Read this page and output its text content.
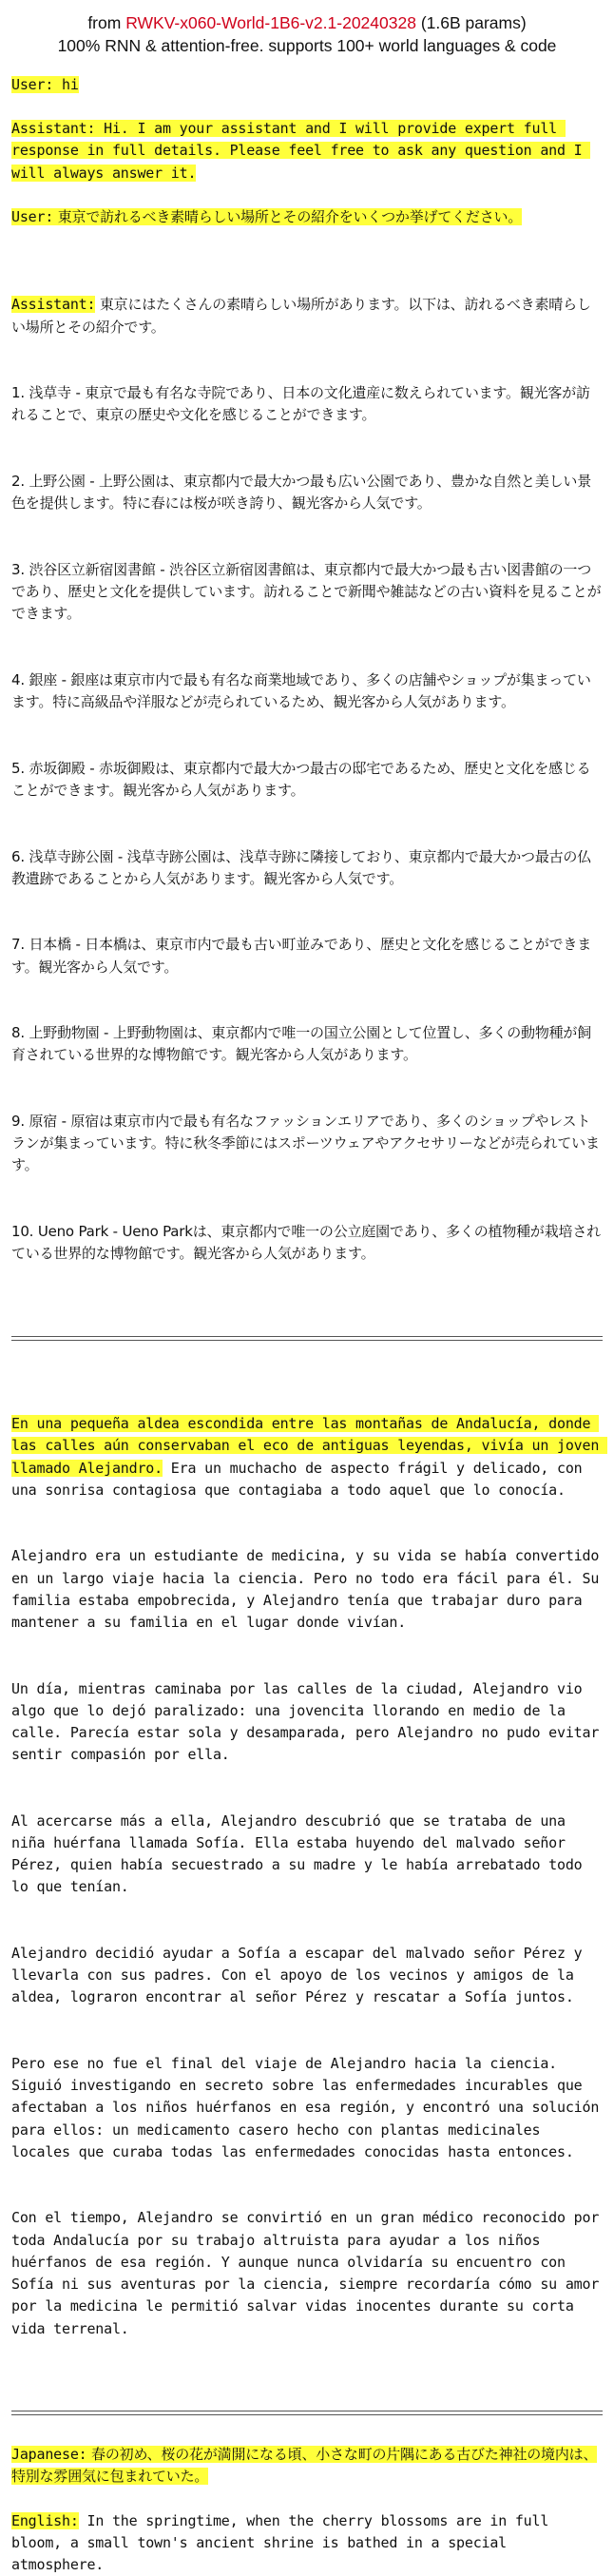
from RWKV-x060-World-1B6-v2.1-20240328 (1.6B params)
100% RNN & attention-free. supports 100+ world languages & code
User: hi
Assistant: Hi. I am your assistant and I will provide expert full response in full details. Please feel free to ask any question and I will always answer it.
User: 東京で訪れるべき素晴らしい場所とその紹介をいくつか挙げてください。

Assistant: 東京にはたくさんの素晴らしい場所があります。以下は、訪れるべき素晴らしい場所とその紹介です。

1. 浅草寺 - 東京で最も有名な寺院であり、日本の文化遺産に数えられています。観光客が訪れることで、東京の歴史や文化を感じることができます。

2. 上野公園 - 上野公園は、東京都内で最大かつ最も広い公園であり、豊かな自然と美しい景色を提供します。特に春には桜が咲き誇り、観光客から人気です。

3. 渋谷区立新宿図書館 - 渋谷区立新宿図書館は、東京都内で最大かつ最も古い図書館の一つであり、歴史と文化を提供しています。訪れることで新聞や雑誌などの古い資料を見ることができます。

4. 銀座 - 銀座は東京市内で最も有名な商業地域であり、多くの店舗やショップが集まっています。特に高級品や洋服などが売られているため、観光客から人気があります。

5. 赤坂御殿 - 赤坂御殿は、東京都内で最大かつ最古の邸宅であるため、歴史と文化を感じることができます。観光客から人気があります。

6. 浅草寺跡公園 - 浅草寺跡公園は、浅草寺跡に隣接しており、東京都内で最大かつ最古の仏教遺跡であることから人気があります。観光客から人気です。

7. 日本橋 - 日本橋は、東京市内で最も古い町並みであり、歴史と文化を感じることができます。観光客から人気です。

8. 上野動物園 - 上野動物園は、東京都内で唯一の国立公園として位置し、多くの動物種が飼育されている世界的な博物館です。観光客から人気があります。

9. 原宿 - 原宿は東京市内で最も有名なファッションエリアであり、多くのショップやレストランが集まっています。特に秋冬季節にはスポーツウェアやアクセサリーなどが売られています。

10. Ueno Park - Ueno Parkは、東京都内で唯一の公立庭園であり、多くの植物種が栽培されている世界的な博物館です。観光客から人気があります。

En una pequeña aldea escondida entre las montañas de Andalucía, donde las calles aún conservaban el eco de antiguas leyendas, vivía un joven llamado Alejandro. Era un muchacho de aspecto frágil y delicado, con una sonrisa contagiosa que contagiaba a todo aquel que lo conocía.

Alejandro era un estudiante de medicina, y su vida se había convertido en un largo viaje hacia la ciencia. Pero no todo era fácil para él. Su familia estaba empobrecida, y Alejandro tenía que trabajar duro para mantener a su familia en el lugar donde vivían.

Un día, mientras caminaba por las calles de la ciudad, Alejandro vio algo que lo dejó paralizado: una jovencita llorando en medio de la calle. Parecía estar sola y desamparada, pero Alejandro no pudo evitar sentir compasión por ella.

Al acercarse más a ella, Alejandro descubrió que se trataba de una niña huérfana llamada Sofía. Ella estaba huyendo del malvado señor Pérez, quien había secuestrado a su madre y le había arrebatado todo lo que tenían.

Alejandro decidió ayudar a Sofía a escapar del malvado señor Pérez y llevarla con sus padres. Con el apoyo de los vecinos y amigos de la aldea, lograron encontrar al señor Pérez y rescatar a Sofía juntos.

Pero ese no fue el final del viaje de Alejandro hacia la ciencia. Siguió investigando en secreto sobre las enfermedades incurables que afectaban a los niños huérfanos en esa región, y encontró una solución para ellos: un medicamento casero hecho con plantas medicinales locales que curaba todas las enfermedades conocidas hasta entonces.

Con el tiempo, Alejandro se convirtió en un gran médico reconocido por toda Andalucía por su trabajo altruista para ayudar a los niños huérfanos de esa región. Y aunque nunca olvidaría su encuentro con Sofía ni sus aventuras por la ciencia, siempre recordaría cómo su amor por la medicina le permitió salvar vidas inocentes durante su corta vida terrenal.

Japanese: 春の初め、桜の花が満開になる頃、小さな町の片隅にある古びた神社の境内は、特別な雰囲気に包まれていた。
English: In the springtime, when the cherry blossoms are in full bloom, a small town's ancient shrine is bathed in a special atmosphere.
